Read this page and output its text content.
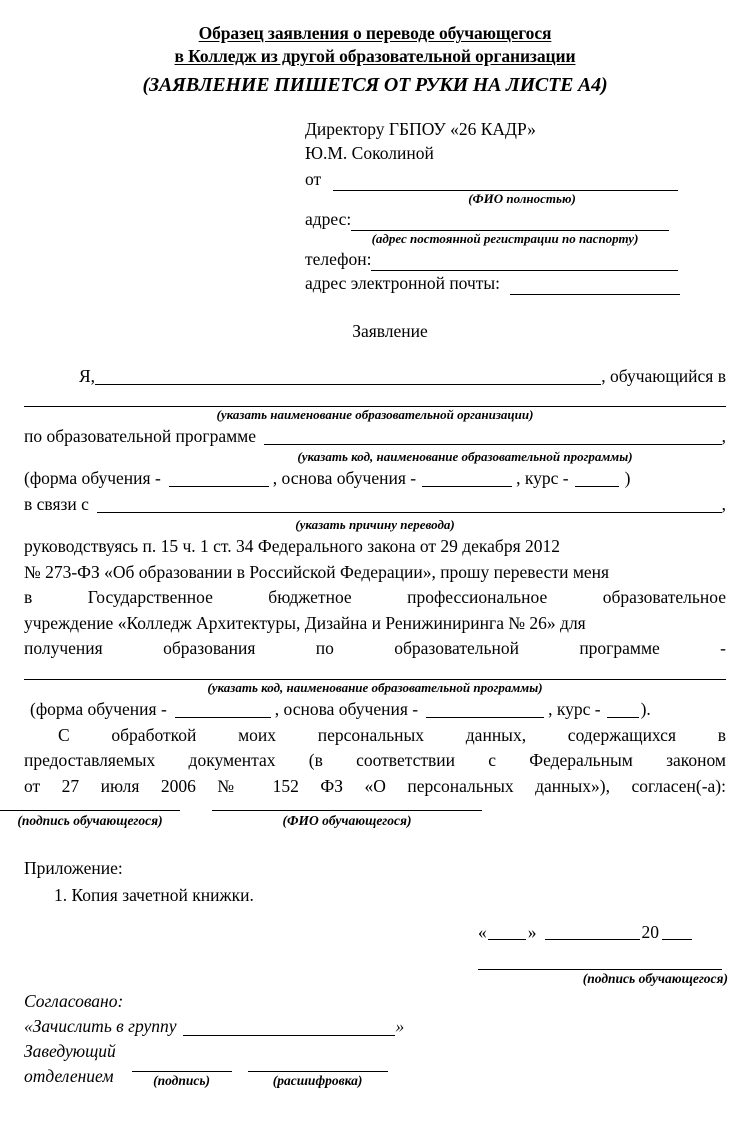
Образец заявления о переводе обучающегося
в Колледж из другой образовательной организации
(ЗАЯВЛЕНИЕ ПИШЕТСЯ ОТ РУКИ НА ЛИСТЕ А4)
Директору ГБПОУ «26 КАДР»
Ю.М. Соколиной
от
(ФИО полностью)
адрес:
(адрес постоянной регистрации по паспорту)
телефон:
адрес электронной почты:
Заявление
Я,	, обучающийся в
(указать наименование образовательной организации)
по образовательной программе	,
(указать код, наименование образовательной программы)
(форма обучения -	, основа обучения -	, курс -	)
в связи с	,
(указать причину перевода)
руководствуясь п. 15 ч. 1 ст. 34 Федерального закона от 29 декабря 2012
№ 273-ФЗ «Об образовании в Российской Федерации», прошу перевести меня
в Государственное бюджетное профессиональное образовательное
учреждение «Колледж Архитектуры, Дизайна и Ренижиниринга № 26» для
получения образования по образовательной программе -
(указать код, наименование образовательной программы)
(форма обучения -	, основа обучения -	, курс - ).
С обработкой моих персональных данных, содержащихся в
предоставляемых документах (в соответствии с Федеральным законом
от 27 июля 2006 № 152 ФЗ «О персональных данных»), согласен(-а):
(подпись обучающегося)	(ФИО обучающегося)
Приложение:
1. Копия зачетной книжки.
« »	20
(подпись обучающегося)
Согласовано:
«Зачислить в группу	»
Заведующий
отделением	(подпись)	(расшифровка)
